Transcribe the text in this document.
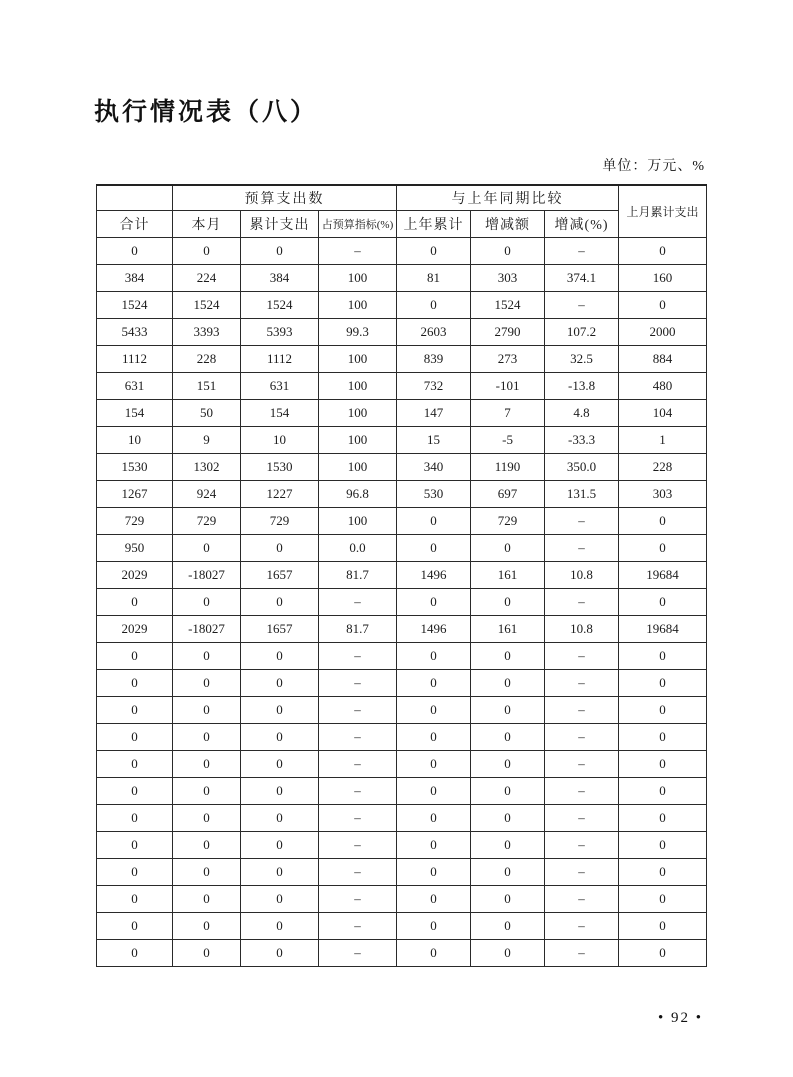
执行情况表（八）
单位：万元、%
	预算支出数			与上年同期比较			上月累计支出
合计	本月	累计支出	占预算指标(%)	上年累计	增减额	增减(%)	
0	0	0	–	0	0	–	0
384	224	384	100	81	303	374.1	160
1524	1524	1524	100	0	1524	–	0
5433	3393	5393	99.3	2603	2790	107.2	2000
1112	228	1112	100	839	273	32.5	884
631	151	631	100	732	-101	-13.8	480
154	50	154	100	147	7	4.8	104
10	9	10	100	15	-5	-33.3	1
1530	1302	1530	100	340	1190	350.0	228
1267	924	1227	96.8	530	697	131.5	303
729	729	729	100	0	729	–	0
950	0	0	0.0	0	0	–	0
2029	-18027	1657	81.7	1496	161	10.8	19684
0	0	0	–	0	0	–	0
2029	-18027	1657	81.7	1496	161	10.8	19684
0	0	0	–	0	0	–	0
0	0	0	–	0	0	–	0
0	0	0	–	0	0	–	0
0	0	0	–	0	0	–	0
0	0	0	–	0	0	–	0
0	0	0	–	0	0	–	0
0	0	0	–	0	0	–	0
0	0	0	–	0	0	–	0
0	0	0	–	0	0	–	0
0	0	0	–	0	0	–	0
0	0	0	–	0	0	–	0
0	0	0	–	0	0	–	0
• 92 •
